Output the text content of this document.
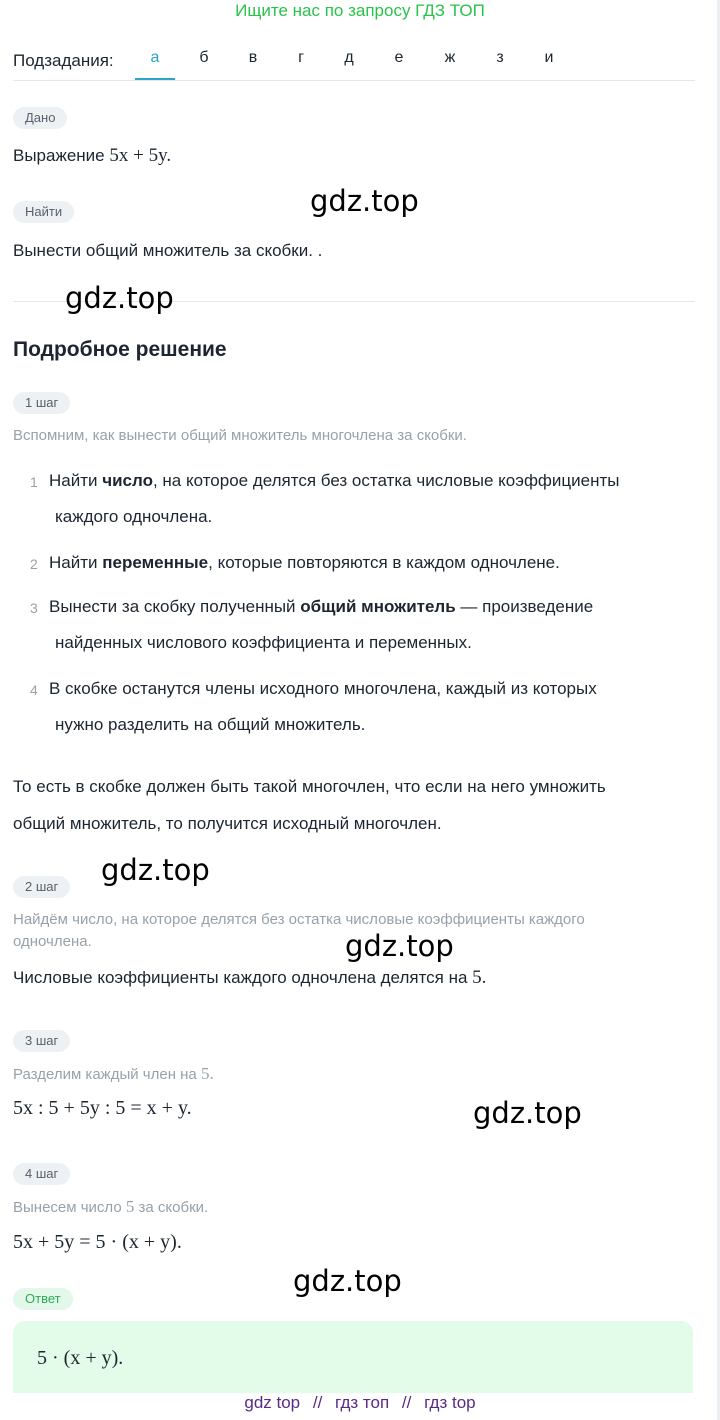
Ищите нас по запросу ГДЗ ТОП
Подзадания:	а	б	в	г	д	е	ж	з	и
Дано
Выражение 5x + 5y.
Найти
Вынести общий множитель за скобки. .
Подробное решение
1 шаг
Вспомним, как вынести общий множитель многочлена за скобки.
1 Найти число, на которое делятся без остатка числовые коэффициенты
каждого одночлена.
2 Найти переменные, которые повторяются в каждом одночлене.
3 Вынести за скобку полученный общий множитель — произведение
найденных числового коэффициента и переменных.
4 В скобке останутся члены исходного многочлена, каждый из которых
нужно разделить на общий множитель.
То есть в скобке должен быть такой многочлен, что если на него умножить
общий множитель, то получится исходный многочлен.
2 шаг
Найдём число, на которое делятся без остатка числовые коэффициенты каждого
одночлена.
Числовые коэффициенты каждого одночлена делятся на 5.
3 шаг
Разделим каждый член на 5.
5x : 5 + 5y : 5 = x + y.
4 шаг
Вынесем число 5 за скобки.
5x + 5y = 5 · (x + y).
Ответ
5 · (x + y).
gdz.top
gdz.top
gdz.top
gdz.top
gdz.top
gdz.top
gdz top // гдз топ // гдз top
